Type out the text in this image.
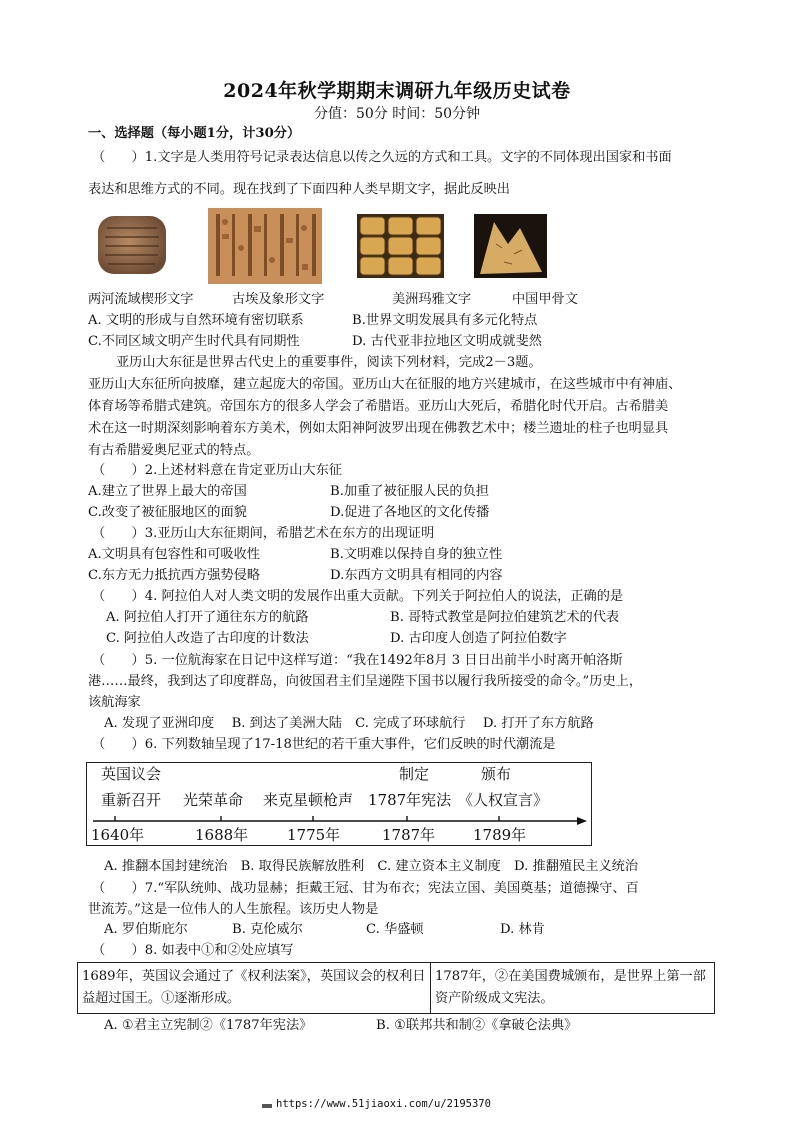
2024年秋学期期末调研九年级历史试卷
分值：50分 时间：50分钟
一、选择题（每小题1分，计30分）
（　　）1.文字是人类用符号记录表达信息以传之久远的方式和工具。文字的不同体现出国家和书面
表达和思维方式的不同。现在找到了下面四种人类早期文字，据此反映出
两河流域楔形文字	古埃及象形文字	美洲玛雅文字	中国甲骨文
A. 文明的形成与自然环境有密切联系	B.世界文明发展具有多元化特点
C.不同区域文明产生时代具有同期性	D. 古代亚非拉地区文明成就斐然
亚历山大东征是世界古代史上的重要事件，阅读下列材料，完成2－3题。
亚历山大东征所向披靡，建立起庞大的帝国。亚历山大在征服的地方兴建城市，在这些城市中有神庙、
体育场等希腊式建筑。帝国东方的很多人学会了希腊语。亚历山大死后，希腊化时代开启。古希腊美
术在这一时期深刻影响着东方美术，例如太阳神阿波罗出现在佛教艺术中；楼兰遗址的柱子也明显具
有古希腊爱奥尼亚式的特点。
（　　）2.上述材料意在肯定亚历山大东征
A.建立了世界上最大的帝国	B.加重了被征服人民的负担
C.改变了被征服地区的面貌	D.促进了各地区的文化传播
（　　）3.亚历山大东征期间，希腊艺术在东方的出现证明
A.文明具有包容性和可吸收性	B.文明难以保持自身的独立性
C.东方无力抵抗西方强势侵略	D.东西方文明具有相同的内容
（　　）4. 阿拉伯人对人类文明的发展作出重大贡献。下列关于阿拉伯人的说法，正确的是
A. 阿拉伯人打开了通往东方的航路	B. 哥特式教堂是阿拉伯建筑艺术的代表
C. 阿拉伯人改造了古印度的计数法	D. 古印度人创造了阿拉伯数字
（　　）5. 一位航海家在日记中这样写道：“我在1492年8月 3 日日出前半小时离开帕洛斯
港……最终，我到达了印度群岛，向彼国君主们呈递陛下国书以履行我所接受的命令。”历史上，
该航海家
A. 发现了亚洲印度　 B. 到达了美洲大陆　C. 完成了环球航行　 D. 打开了东方航路
（　　）6. 下列数轴呈现了17-18世纪的若干重大事件，它们反映的时代潮流是
英国议会	制定	颁布
重新召开 光荣革命 来克星顿枪声 1787年宪法 《人权宣言》
1640年	1688年	1775年	1787年	1789年
A. 推翻本国封建统治　B. 取得民族解放胜利　C. 建立资本主义制度　D. 推翻殖民主义统治
（　　）7.“军队统帅、战功显赫；拒戴王冠、甘为布衣；宪法立国、美国奠基；道德操守、百
世流芳。”这是一位伟人的人生旅程。该历史人物是
A. 罗伯斯庇尔	B. 克伦威尔	C. 华盛顿	D. 林肯
（　　）8. 如表中①和②处应填写
1689年，英国议会通过了《权利法案》，英国议会的权利日益超过国王。①逐渐形成。	1787年，②在美国费城颁布，是世界上第一部资产阶级成文宪法。
A. ①君主立宪制②《1787年宪法》	B. ①联邦共和制②《拿破仑法典》
https://www.51jiaoxi.com/u/2195370
